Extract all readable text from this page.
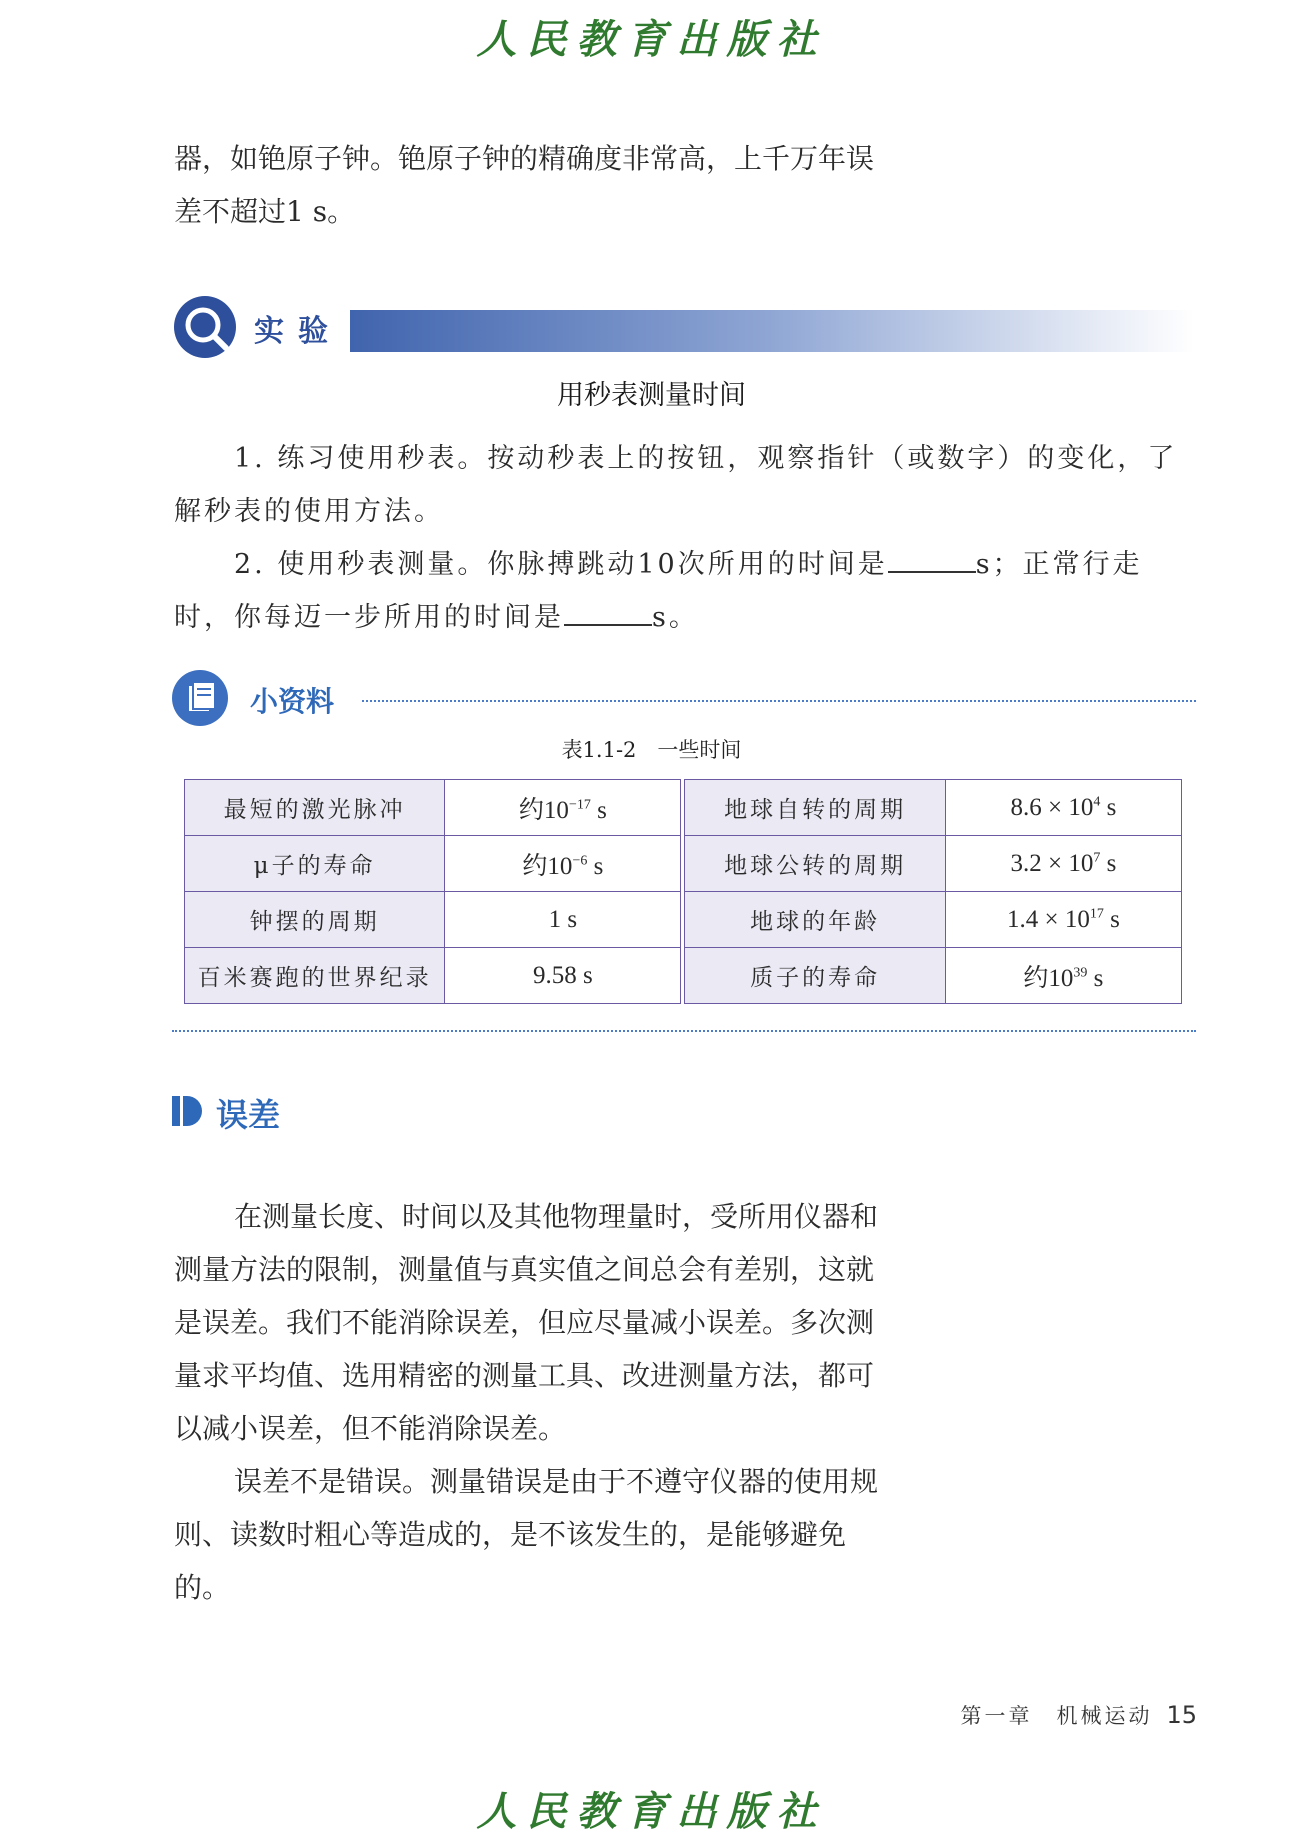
人民教育出版社

器，如铯原子钟。铯原子钟的精确度非常高，上千万年误差不超过1 s。

实验
用秒表测量时间

1. 练习使用秒表。按动秒表上的按钮，观察指针（或数字）的变化，了解秒表的使用方法。

2. 使用秒表测量。你脉搏跳动10次所用的时间是	s；正常行走时，你每迈一步所用的时间是	s。

小资料
表1.1-2　一些时间
最短的激光脉冲	约$10^{-17}$ s		地球自转的周期	$8.6 \times 10^4$ s
μ子的寿命	约$10^{-6}$ s		地球公转的周期	$3.2 \times 10^7$ s
钟摆的周期	1 s		地球的年龄	$1.4 \times 10^{17}$ s
百米赛跑的世界纪录	9.58 s		质子的寿命	约$10^{39}$ s
误差

在测量长度、时间以及其他物理量时，受所用仪器和测量方法的限制，测量值与真实值之间总会有差别，这就是误差。我们不能消除误差，但应尽量减小误差。多次测量求平均值、选用精密的测量工具、改进测量方法，都可以减小误差，但不能消除误差。

误差不是错误。测量错误是由于不遵守仪器的使用规则、读数时粗心等造成的，是不该发生的，是能够避免的。

第一章　机械运动 15
人民教育出版社
